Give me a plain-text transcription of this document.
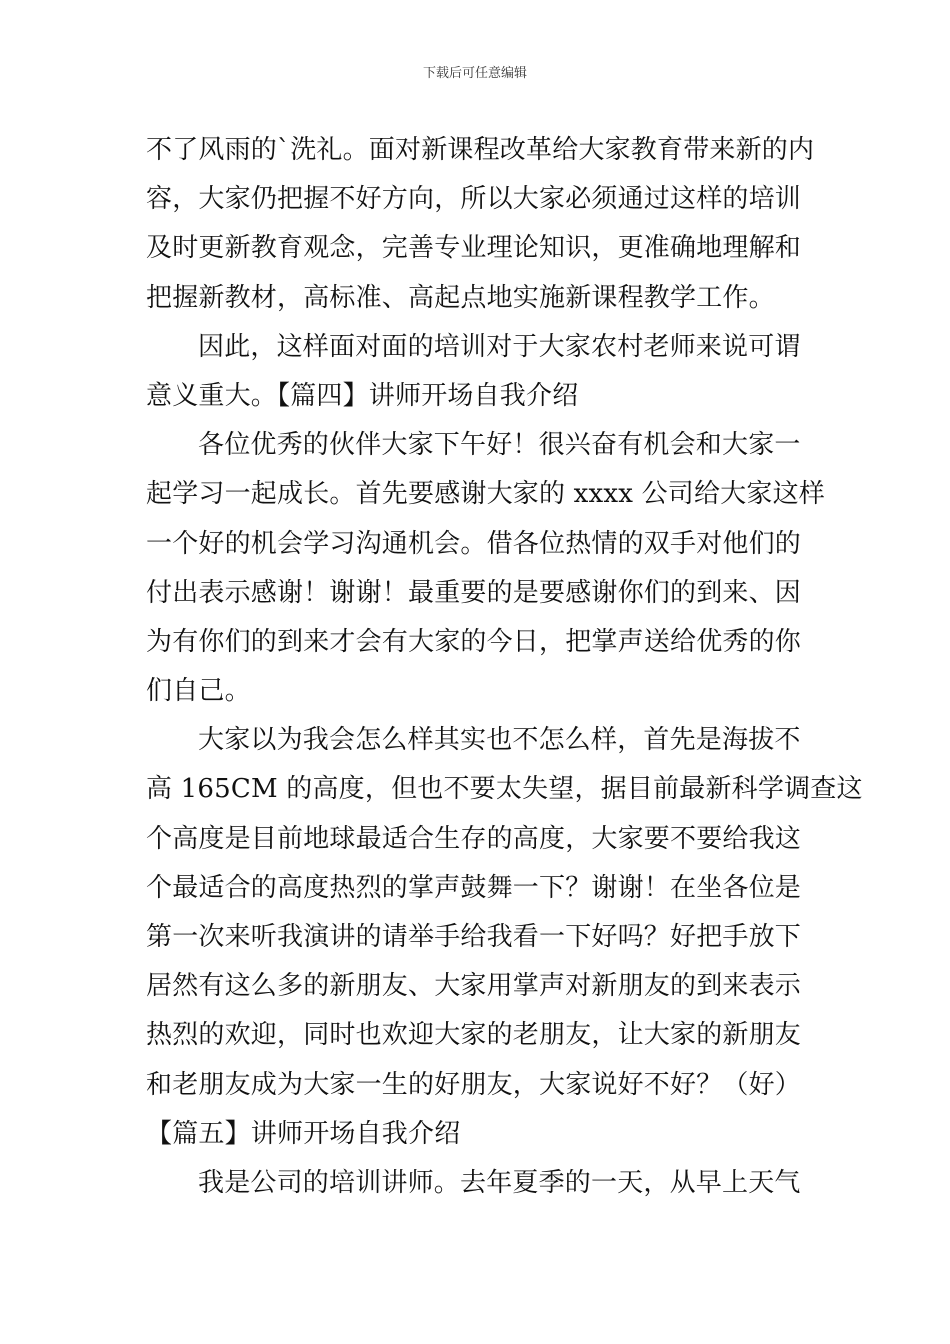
下载后可任意编辑
不了风雨的`洗礼。面对新课程改革给大家教育带来新的内
容，大家仍把握不好方向，所以大家必须通过这样的培训
及时更新教育观念，完善专业理论知识，更准确地理解和
把握新教材，高标准、高起点地实施新课程教学工作。
因此，这样面对面的培训对于大家农村老师来说可谓
意义重大。【篇四】讲师开场自我介绍
各位优秀的伙伴大家下午好！很兴奋有机会和大家一
起学习一起成长。首先要感谢大家的 xxxx 公司给大家这样
一个好的机会学习沟通机会。借各位热情的双手对他们的
付出表示感谢！谢谢！最重要的是要感谢你们的到来、因
为有你们的到来才会有大家的今日，把掌声送给优秀的你
们自己。
大家以为我会怎么样其实也不怎么样，首先是海拔不
高 165CM 的高度，但也不要太失望，据目前最新科学调查这
个高度是目前地球最适合生存的高度，大家要不要给我这
个最适合的高度热烈的掌声鼓舞一下？谢谢！在坐各位是
第一次来听我演讲的请举手给我看一下好吗？好把手放下
居然有这么多的新朋友、大家用掌声对新朋友的到来表示
热烈的欢迎，同时也欢迎大家的老朋友，让大家的新朋友
和老朋友成为大家一生的好朋友，大家说好不好？（好）
【篇五】讲师开场自我介绍
我是公司的培训讲师。去年夏季的一天，从早上天气
